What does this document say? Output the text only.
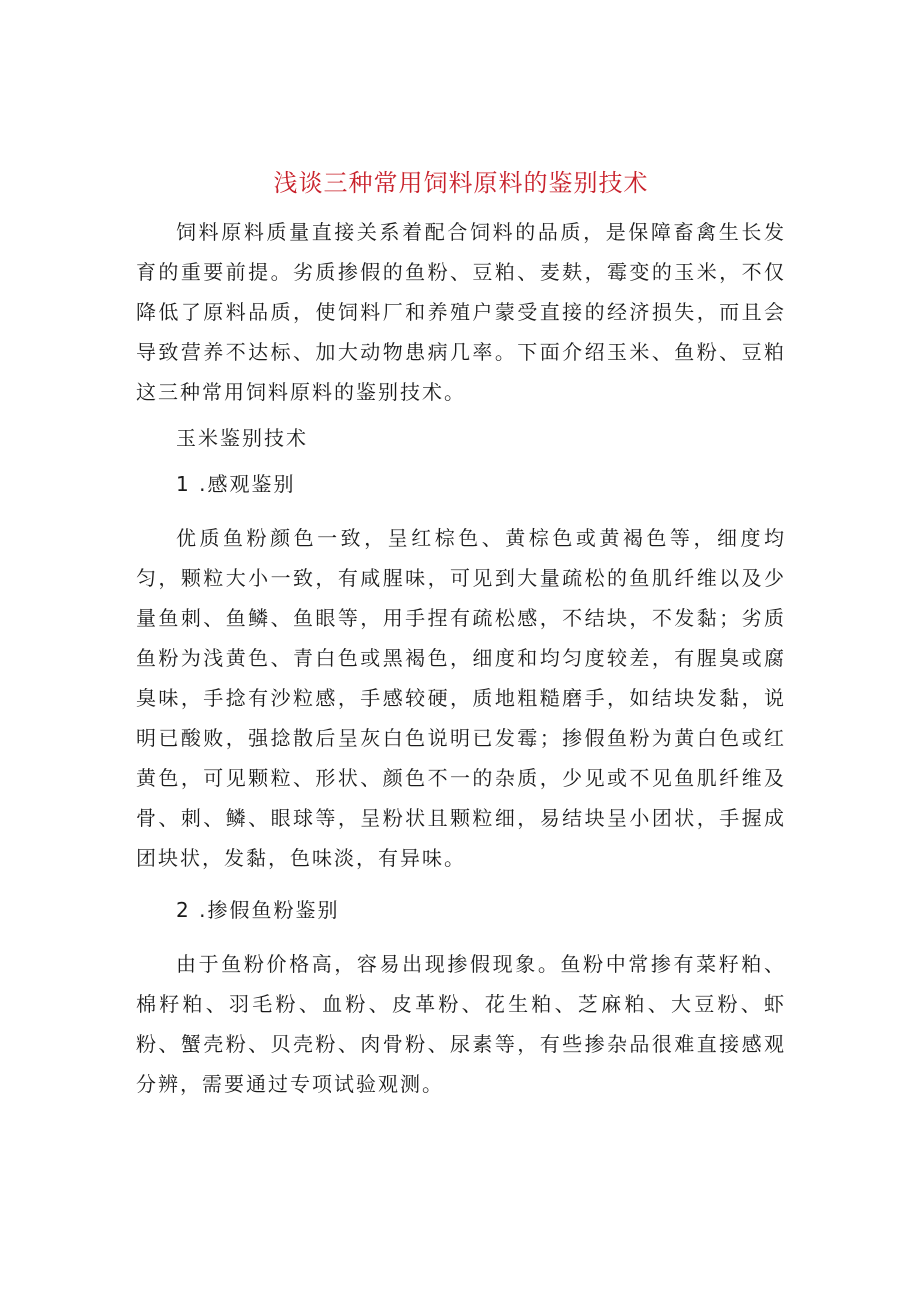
浅谈三种常用饲料原料的鉴别技术

饲料原料质量直接关系着配合饲料的品质，是保障畜禽生长发育的重要前提。劣质掺假的鱼粉、豆粕、麦麸，霉变的玉米，不仅降低了原料品质，使饲料厂和养殖户蒙受直接的经济损失，而且会导致营养不达标、加大动物患病几率。下面介绍玉米、鱼粉、豆粕这三种常用饲料原料的鉴别技术。

玉米鉴别技术

1 .感观鉴别

优质鱼粉颜色一致，呈红棕色、黄棕色或黄褐色等，细度均匀，颗粒大小一致，有咸腥味，可见到大量疏松的鱼肌纤维以及少量鱼刺、鱼鳞、鱼眼等，用手捏有疏松感，不结块，不发黏；劣质鱼粉为浅黄色、青白色或黑褐色，细度和均匀度较差，有腥臭或腐臭味，手捻有沙粒感，手感较硬，质地粗糙磨手，如结块发黏，说明已酸败，强捻散后呈灰白色说明已发霉；掺假鱼粉为黄白色或红黄色，可见颗粒、形状、颜色不一的杂质，少见或不见鱼肌纤维及骨、刺、鳞、眼球等，呈粉状且颗粒细，易结块呈小团状，手握成团块状，发黏，色味淡，有异味。

2 .掺假鱼粉鉴别

由于鱼粉价格高，容易出现掺假现象。鱼粉中常掺有菜籽粕、棉籽粕、羽毛粉、血粉、皮革粉、花生粕、芝麻粕、大豆粉、虾粉、蟹壳粉、贝壳粉、肉骨粉、尿素等，有些掺杂品很难直接感观分辨，需要通过专项试验观测。
